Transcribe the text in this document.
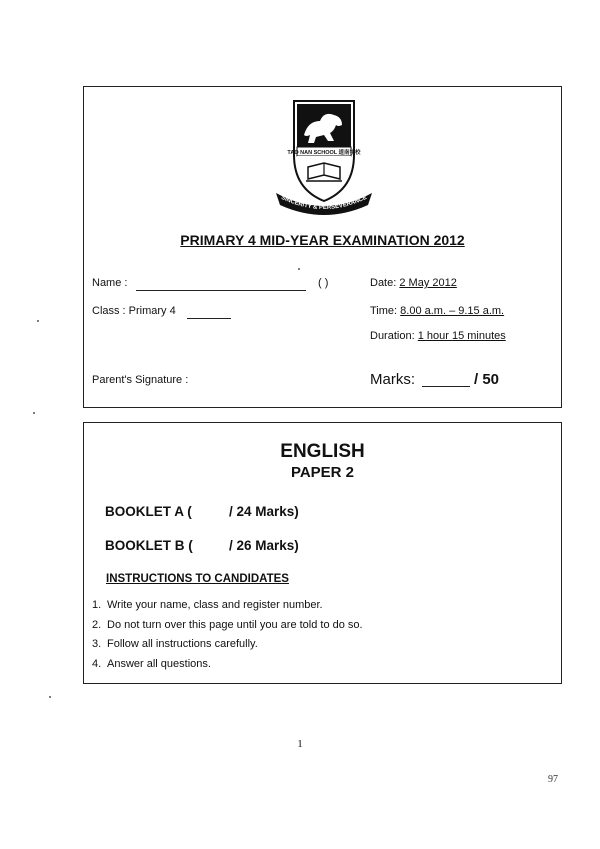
TAO NAN SCHOOL 道南学校
SINCERITY & PERSEVERANCE
PRIMARY 4 MID-YEAR EXAMINATION 2012
Name :	( )
Class : Primary 4
Date: 2 May 2012
Time: 8.00 a.m. – 9.15 a.m.
Duration: 1 hour 15 minutes
Parent's Signature :	Marks:	/ 50
ENGLISH
PAPER 2
BOOKLET A (	/ 24 Marks)
BOOKLET B (	/ 26 Marks)
INSTRUCTIONS TO CANDIDATES
1. Write your name, class and register number.
2. Do not turn over this page until you are told to do so.
3. Follow all instructions carefully.
4. Answer all questions.
1
97
